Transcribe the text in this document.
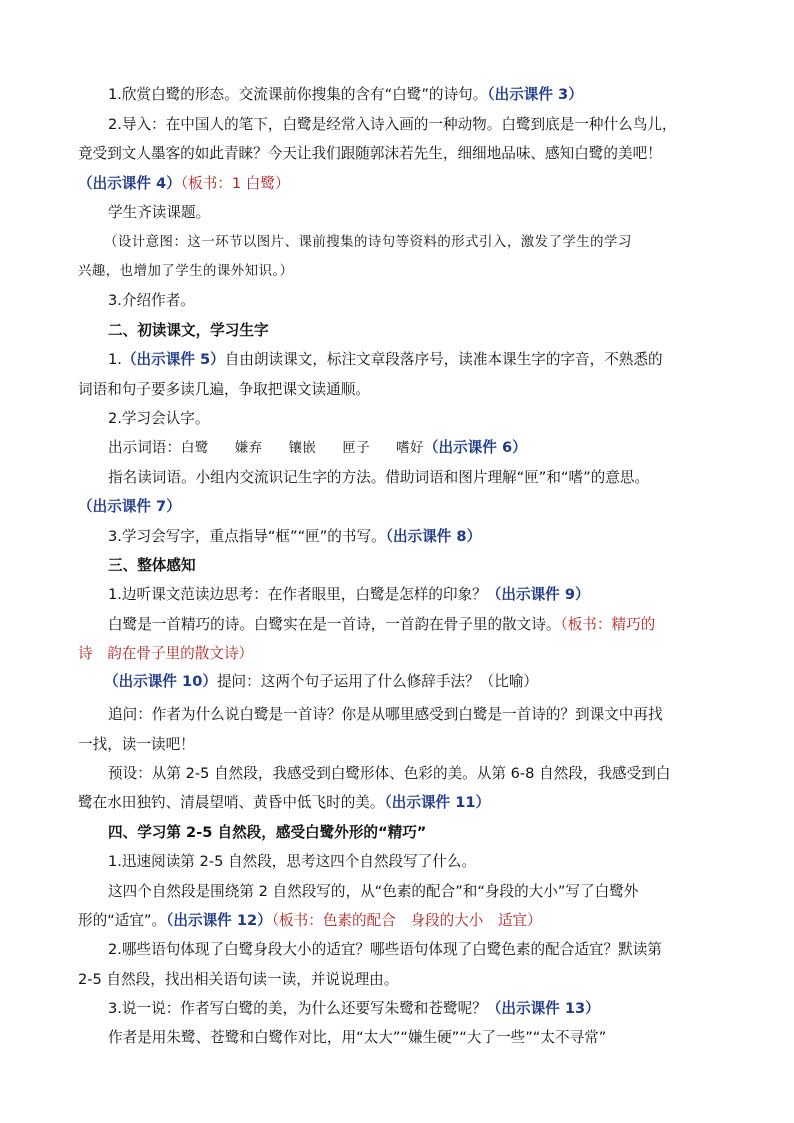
1.欣赏白鹭的形态。交流课前你搜集的含有“白鹭”的诗句。（出示课件 3）
2.导入：在中国人的笔下，白鹭是经常入诗入画的一种动物。白鹭到底是一种什么鸟儿，
竟受到文人墨客的如此青睐？今天让我们跟随郭沫若先生，细细地品味、感知白鹭的美吧！
（出示课件 4）（板书：1 白鹭）
学生齐读课题。
（设计意图：这一环节以图片、课前搜集的诗句等资料的形式引入，激发了学生的学习
兴趣，也增加了学生的课外知识。）
3.介绍作者。
二、初读课文，学习生字
1.（出示课件 5）自由朗读课文，标注文章段落序号，读准本课生字的字音，不熟悉的
词语和句子要多读几遍，争取把课文读通顺。
2.学习会认字。
出示词语：白鹭 嫌弃 镶嵌 匣子 嗜好（出示课件 6）
指名读词语。小组内交流识记生字的方法。借助词语和图片理解“匣”和“嗜”的意思。
（出示课件 7）
3.学习会写字，重点指导“框”“匣”的书写。（出示课件 8）
三、整体感知
1.边听课文范读边思考：在作者眼里，白鹭是怎样的印象？（出示课件 9）
白鹭是一首精巧的诗。白鹭实在是一首诗，一首韵在骨子里的散文诗。（板书：精巧的
诗　韵在骨子里的散文诗）
（出示课件 10）提问：这两个句子运用了什么修辞手法？（比喻）
追问：作者为什么说白鹭是一首诗？你是从哪里感受到白鹭是一首诗的？到课文中再找
一找，读一读吧！
预设：从第 2-5 自然段，我感受到白鹭形体、色彩的美。从第 6-8 自然段，我感受到白
鹭在水田独钓、清晨望哨、黄昏中低飞时的美。（出示课件 11）
四、学习第 2-5 自然段，感受白鹭外形的“精巧”
1.迅速阅读第 2-5 自然段，思考这四个自然段写了什么。
这四个自然段是围绕第 2 自然段写的，从“色素的配合”和“身段的大小”写了白鹭外
形的“适宜”。（出示课件 12）（板书：色素的配合　身段的大小　适宜）
2.哪些语句体现了白鹭身段大小的适宜？哪些语句体现了白鹭色素的配合适宜？默读第
2-5 自然段，找出相关语句读一读，并说说理由。
3.说一说：作者写白鹭的美，为什么还要写朱鹭和苍鹭呢？（出示课件 13）
作者是用朱鹭、苍鹭和白鹭作对比，用“太大”“嫌生硬”“大了一些”“太不寻常”
